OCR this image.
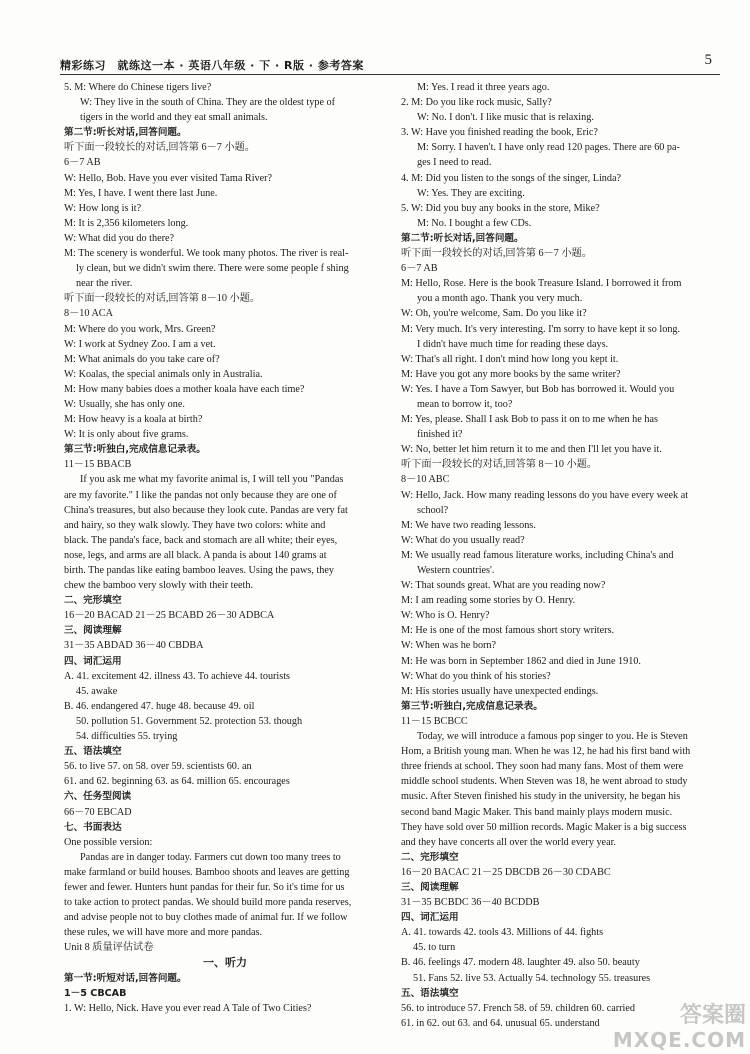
精彩练习　就练这一本 · 英语八年级 · 下 · R版 · 参考答案	5
5. M: Where do Chinese tigers live?
W: They live in the south of China. They are the oldest type of
tigers in the world and they eat small animals.
第二节:听长对话,回答问题。
听下面一段较长的对话,回答第 6－7 小题。
6－7 AB
W: Hello, Bob. Have you ever visited Tama River?
M: Yes, I have. I went there last June.
W: How long is it?
M: It is 2,356 kilometers long.
W: What did you do there?
M: The scenery is wonderful. We took many photos. The river is real-
ly clean, but we didn't swim there. There were some people f shing
near the river.
听下面一段较长的对话,回答第 8－10 小题。
8－10 ACA
M: Where do you work, Mrs. Green?
W: I work at Sydney Zoo. I am a vet.
M: What animals do you take care of?
W: Koalas, the special animals only in Australia.
M: How many babies does a mother koala have each time?
W: Usually, she has only one.
M: How heavy is a koala at birth?
W: It is only about five grams.
第三节:听独白,完成信息记录表。
11－15 BBACB
If you ask me what my favorite animal is, I will tell you "Pandas
are my favorite." I like the pandas not only because they are one of
China's treasures, but also because they look cute. Pandas are very fat
and hairy, so they walk slowly. They have two colors: white and
black. The panda's face, back and stomach are all white; their eyes,
nose, legs, and arms are all black. A panda is about 140 grams at
birth. The pandas like eating bamboo leaves. Using the paws, they
chew the bamboo very slowly with their teeth.
二、完形填空
16－20 BACAD 21－25 BCABD 26－30 ADBCA
三、阅读理解
31－35 ABDAD 36－40 CBDBA
四、词汇运用
A. 41. excitement 42. illness 43. To achieve 44. tourists
45. awake
B. 46. endangered 47. huge 48. because 49. oil
50. pollution 51. Government 52. protection 53. though
54. difficulties 55. trying
五、语法填空
56. to live 57. on 58. over 59. scientists 60. an
61. and 62. beginning 63. as 64. million 65. encourages
六、任务型阅读
66－70 EBCAD
七、书面表达
One possible version:
Pandas are in danger today. Farmers cut down too many trees to
make farmland or build houses. Bamboo shoots and leaves are getting
fewer and fewer. Hunters hunt pandas for their fur. So it's time for us
to take action to protect pandas. We should build more panda reserves,
and advise people not to buy clothes made of animal fur. If we follow
these rules, we will have more and more pandas.
Unit 8 质量评估试卷
一、听力
第一节:听短对话,回答问题。
1－5 CBCAB
1. W: Hello, Nick. Have you ever read A Tale of Two Cities?
M: Yes. I read it three years ago.
2. M: Do you like rock music, Sally?
W: No. I don't. I like music that is relaxing.
3. W: Have you finished reading the book, Eric?
M: Sorry. I haven't. I have only read 120 pages. There are 60 pa-
ges I need to read.
4. M: Did you listen to the songs of the singer, Linda?
W: Yes. They are exciting.
5. W: Did you buy any books in the store, Mike?
M: No. I bought a few CDs.
第二节:听长对话,回答问题。
听下面一段较长的对话,回答第 6－7 小题。
6－7 AB
M: Hello, Rose. Here is the book Treasure Island. I borrowed it from
you a month ago. Thank you very much.
W: Oh, you're welcome, Sam. Do you like it?
M: Very much. It's very interesting. I'm sorry to have kept it so long.
I didn't have much time for reading these days.
W: That's all right. I don't mind how long you kept it.
M: Have you got any more books by the same writer?
W: Yes. I have a Tom Sawyer, but Bob has borrowed it. Would you
mean to borrow it, too?
M: Yes, please. Shall I ask Bob to pass it on to me when he has
finished it?
W: No, better let him return it to me and then I'll let you have it.
听下面一段较长的对话,回答第 8－10 小题。
8－10 ABC
W: Hello, Jack. How many reading lessons do you have every week at
school?
M: We have two reading lessons.
W: What do you usually read?
M: We usually read famous literature works, including China's and
Western countries'.
W: That sounds great. What are you reading now?
M: I am reading some stories by O. Henry.
W: Who is O. Henry?
M: He is one of the most famous short story writers.
W: When was he born?
M: He was born in September 1862 and died in June 1910.
W: What do you think of his stories?
M: His stories usually have unexpected endings.
第三节:听独白,完成信息记录表。
11－15 BCBCC
Today, we will introduce a famous pop singer to you. He is Steven
Hom, a British young man. When he was 12, he had his first band with
three friends at school. They soon had many fans. Most of them were
middle school students. When Steven was 18, he went abroad to study
music. After Steven finished his study in the university, he began his
second band Magic Maker. This band mainly plays modern music.
They have sold over 50 million records. Magic Maker is a big success
and they have concerts all over the world every year.
二、完形填空
16－20 BACAC 21－25 DBCDB 26－30 CDABC
三、阅读理解
31－35 BCBDC 36－40 BCDDB
四、词汇运用
A. 41. towards 42. tools 43. Millions of 44. fights
45. to turn
B. 46. feelings 47. modern 48. laughter 49. also 50. beauty
51. Fans 52. live 53. Actually 54. technology 55. treasures
五、语法填空
56. to introduce 57. French 58. of 59. children 60. carried
61. in 62. out 63. and 64. unusual 65. understand	答案圈
MXQE.COM
